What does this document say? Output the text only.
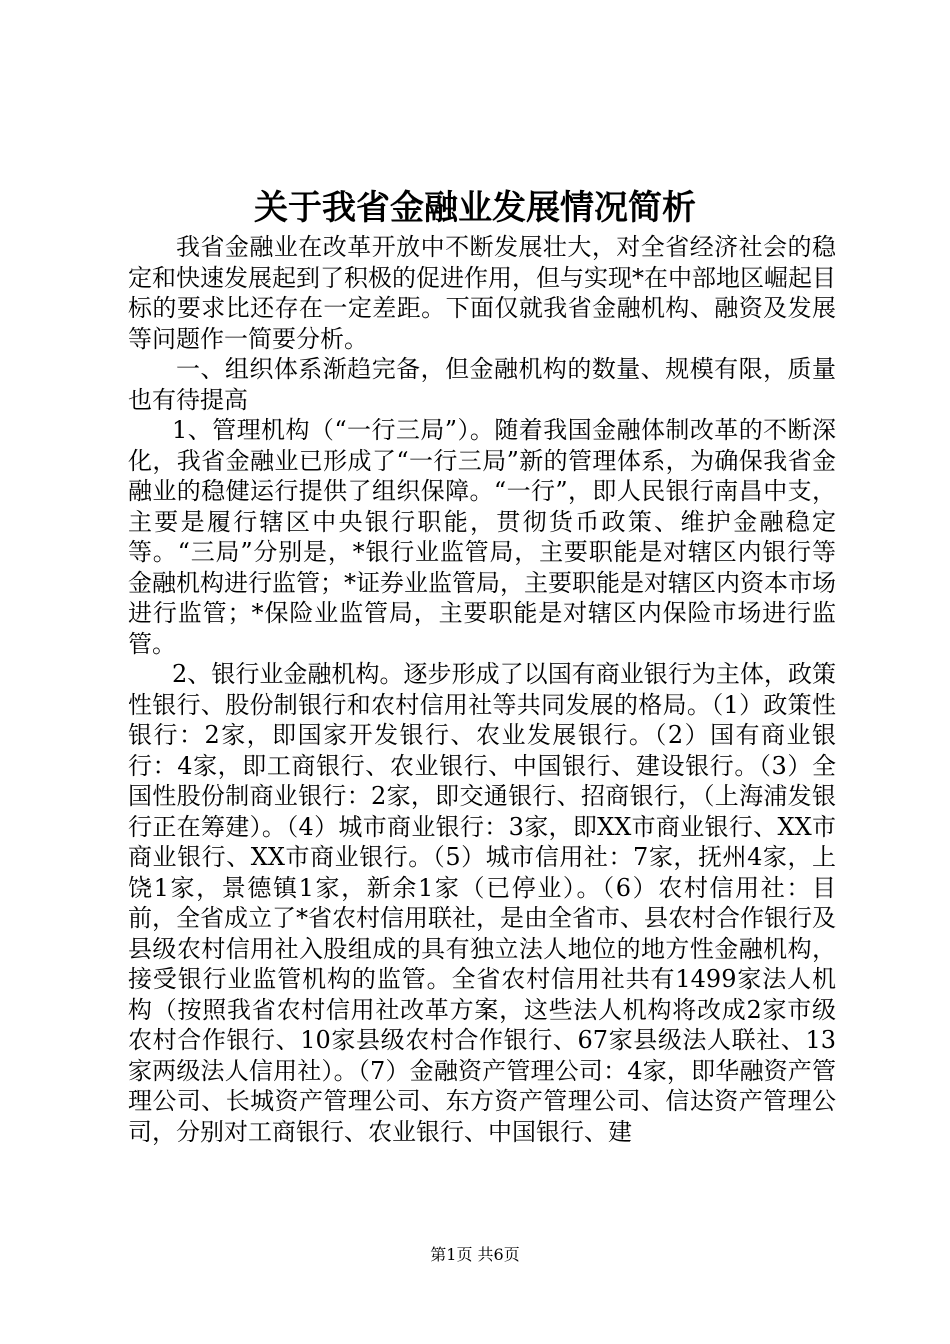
关于我省金融业发展情况简析

我省金融业在改革开放中不断发展壮大，对全省经济社会的稳定和快速发展起到了积极的促进作用，但与实现*在中部地区崛起目标的要求比还存在一定差距。下面仅就我省金融机构、融资及发展等问题作一简要分析。

一、组织体系渐趋完备，但金融机构的数量、规模有限，质量也有待提高

1、管理机构（“一行三局”）。随着我国金融体制改革的不断深化，我省金融业已形成了“一行三局”新的管理体系，为确保我省金融业的稳健运行提供了组织保障。“一行”，即人民银行南昌中支，主要是履行辖区中央银行职能，贯彻货币政策、维护金融稳定等。“三局”分别是，*银行业监管局，主要职能是对辖区内银行等金融机构进行监管；*证券业监管局，主要职能是对辖区内资本市场进行监管；*保险业监管局，主要职能是对辖区内保险市场进行监管。

2、银行业金融机构。逐步形成了以国有商业银行为主体，政策性银行、股份制银行和农村信用社等共同发展的格局。（1）政策性银行：2家，即国家开发银行、农业发展银行。（2）国有商业银行：4家，即工商银行、农业银行、中国银行、建设银行。（3）全国性股份制商业银行：2家，即交通银行、招商银行，（上海浦发银行正在筹建）。（4）城市商业银行：3家，即XX市商业银行、XX市商业银行、XX市商业银行。（5）城市信用社：7家，抚州4家，上饶1家，景德镇1家，新余1家（已停业）。（6）农村信用社：目前，全省成立了*省农村信用联社，是由全省市、县农村合作银行及县级农村信用社入股组成的具有独立法人地位的地方性金融机构，接受银行业监管机构的监管。全省农村信用社共有1499家法人机构（按照我省农村信用社改革方案，这些法人机构将改成2家市级农村合作银行、10家县级农村合作银行、67家县级法人联社、13家两级法人信用社）。（7）金融资产管理公司：4家，即华融资产管理公司、长城资产管理公司、东方资产管理公司、信达资产管理公司，分别对工商银行、农业银行、中国银行、建

第1页 共6页
